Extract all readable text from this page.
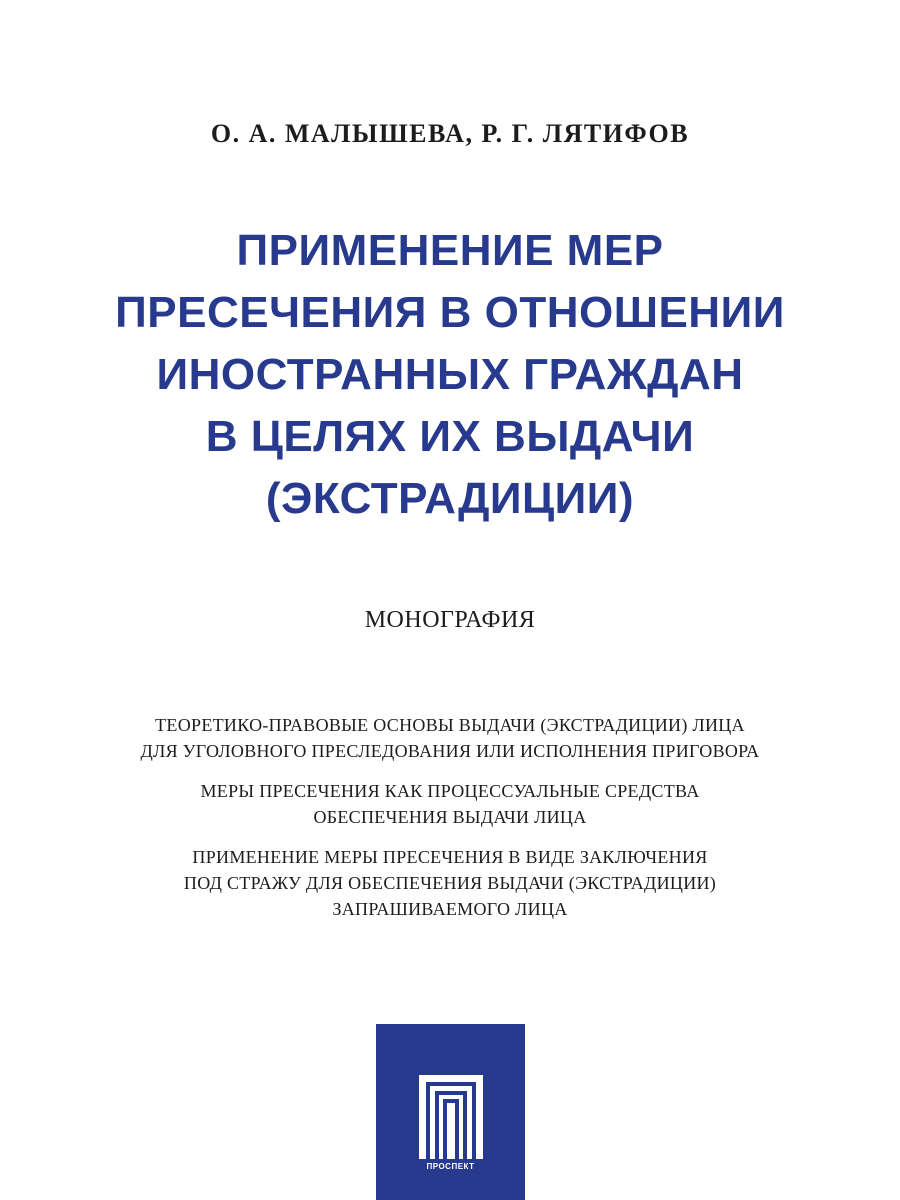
О. А. МАЛЫШЕВА, Р. Г. ЛЯТИФОВ
ПРИМЕНЕНИЕ МЕР
ПРЕСЕЧЕНИЯ В ОТНОШЕНИИ
ИНОСТРАННЫХ ГРАЖДАН
В ЦЕЛЯХ ИХ ВЫДАЧИ
(ЭКСТРАДИЦИИ)
МОНОГРАФИЯ
ТЕОРЕТИКО-ПРАВОВЫЕ ОСНОВЫ ВЫДАЧИ (ЭКСТРАДИЦИИ) ЛИЦА
ДЛЯ УГОЛОВНОГО ПРЕСЛЕДОВАНИЯ ИЛИ ИСПОЛНЕНИЯ ПРИГОВОРА
МЕРЫ ПРЕСЕЧЕНИЯ КАК ПРОЦЕССУАЛЬНЫЕ СРЕДСТВА
ОБЕСПЕЧЕНИЯ ВЫДАЧИ ЛИЦА
ПРИМЕНЕНИЕ МЕРЫ ПРЕСЕЧЕНИЯ В ВИДЕ ЗАКЛЮЧЕНИЯ
ПОД СТРАЖУ ДЛЯ ОБЕСПЕЧЕНИЯ ВЫДАЧИ (ЭКСТРАДИЦИИ)
ЗАПРАШИВАЕМОГО ЛИЦА
ПРОСПЕКТ
